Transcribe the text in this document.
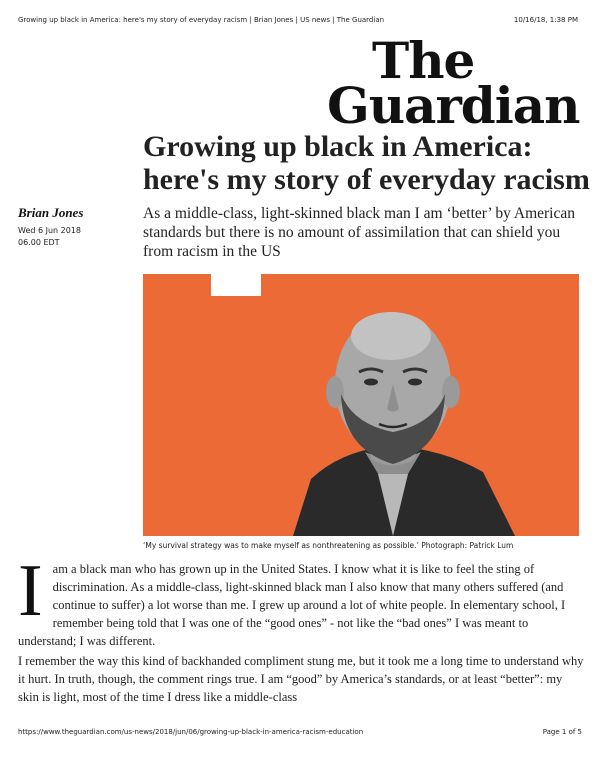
Growing up black in America: here's my story of everyday racism | Brian Jones | US news | The Guardian	10/16/18, 1:38 PM
The
Guardian
Growing up black in America: here's my story of everyday racism
Brian Jones
Wed 6 Jun 2018
06.00 EDT
As a middle-class, light-skinned black man I am ‘better’ by American standards but there is no amount of assimilation that can shield you from racism in the US
‘My survival strategy was to make myself as nonthreatening as possible.’ Photograph: Patrick Lum
I am a black man who has grown up in the United States. I know what it is like to feel the sting of discrimination. As a middle-class, light-skinned black man I also know that many others suffered (and continue to suffer) a lot worse than me. I grew up around a lot of white people. In elementary school, I remember being told that I was one of the “good ones” - not like the “bad ones” I was meant to understand; I was different.

I remember the way this kind of backhanded compliment stung me, but it took me a long time to understand why it hurt. In truth, though, the comment rings true. I am “good” by America’s standards, or at least “better”: my skin is light, most of the time I dress like a middle-class

https://www.theguardian.com/us-news/2018/jun/06/growing-up-black-in-america-racism-education	Page 1 of 5
